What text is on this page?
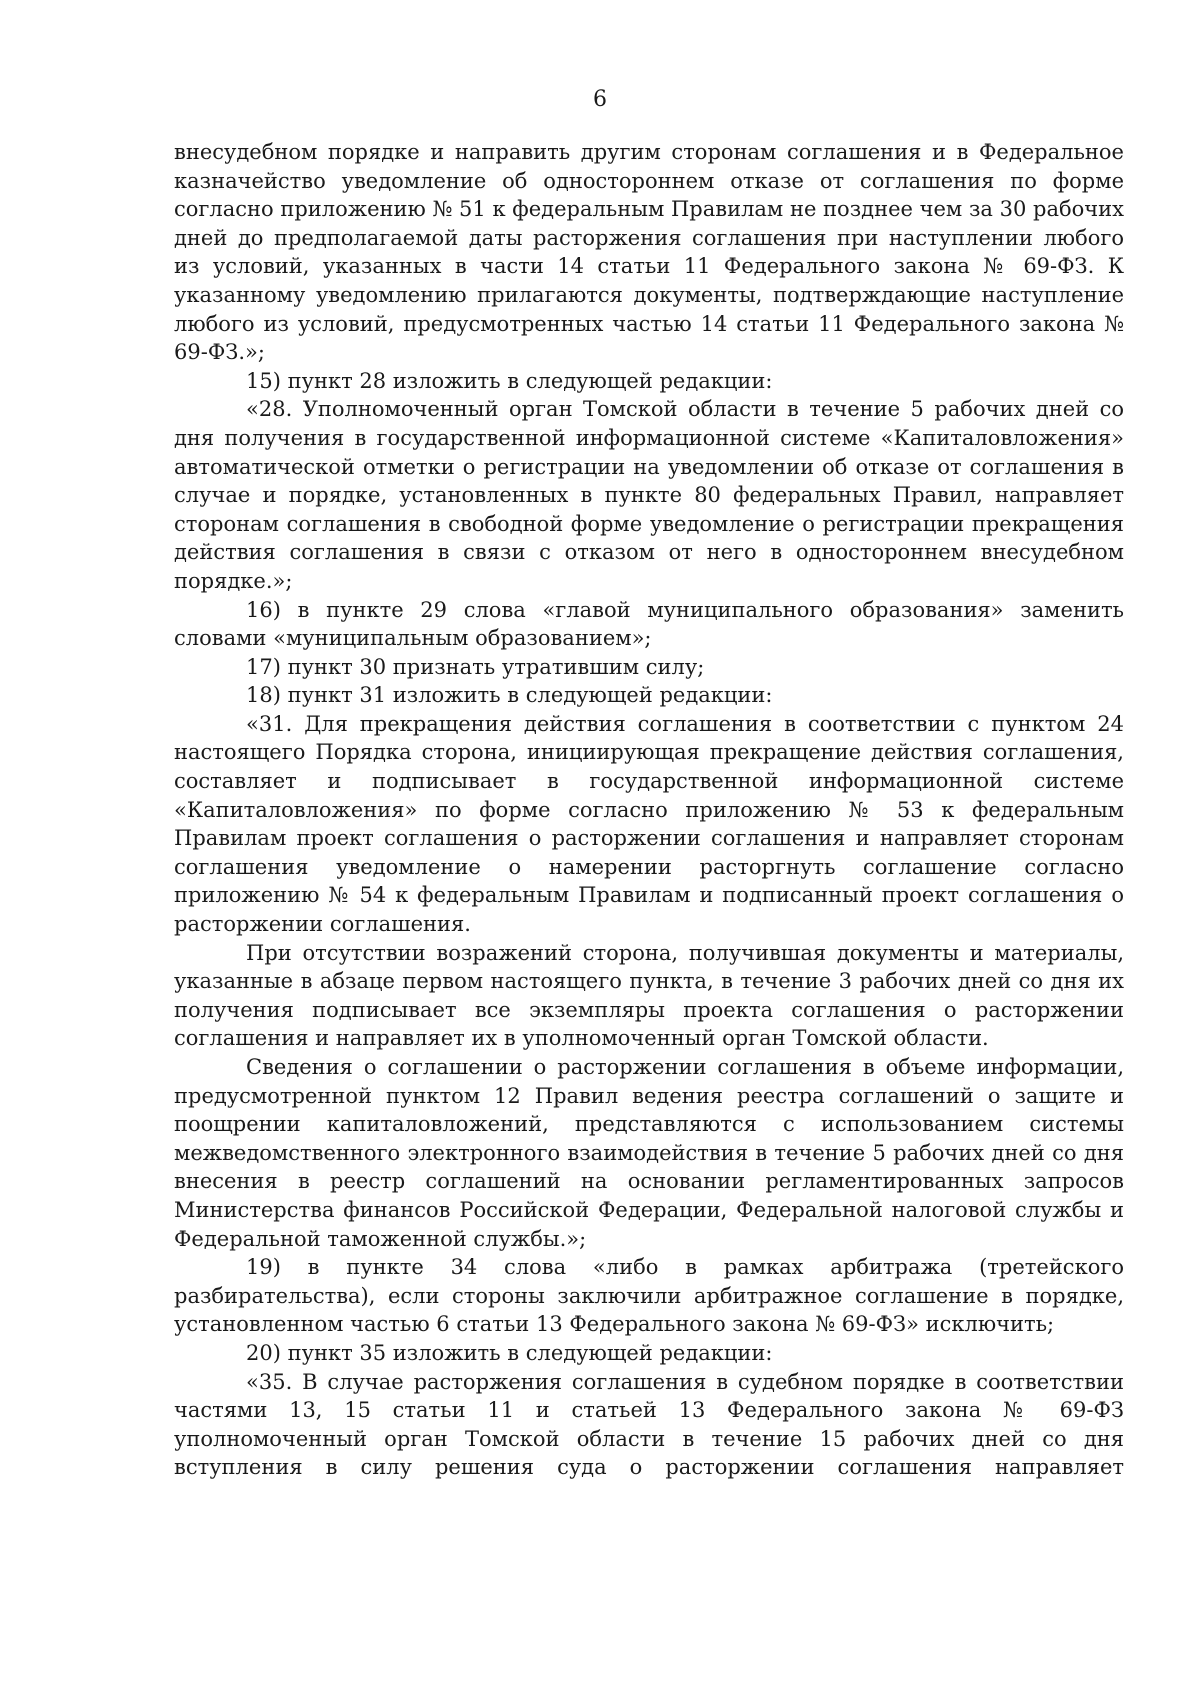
6

внесудебном порядке и направить другим сторонам соглашения и в Федеральное казначейство уведомление об одностороннем отказе от соглашения по форме согласно приложению № 51 к федеральным Правилам не позднее чем за 30 рабочих дней до предполагаемой даты расторжения соглашения при наступлении любого из условий, указанных в части 14 статьи 11 Федерального закона № 69-ФЗ. К указанному уведомлению прилагаются документы, подтверждающие наступление любого из условий, предусмотренных частью 14 статьи 11 Федерального закона № 69-ФЗ.»;

15) пункт 28 изложить в следующей редакции:

«28. Уполномоченный орган Томской области в течение 5 рабочих дней со дня получения в государственной информационной системе «Капиталовложения» автоматической отметки о регистрации на уведомлении об отказе от соглашения в случае и порядке, установленных в пункте 80 федеральных Правил, направляет сторонам соглашения в свободной форме уведомление о регистрации прекращения действия соглашения в связи с отказом от него в одностороннем внесудебном порядке.»;

16) в пункте 29 слова «главой муниципального образования» заменить словами «муниципальным образованием»;

17) пункт 30 признать утратившим силу;

18) пункт 31 изложить в следующей редакции:

«31. Для прекращения действия соглашения в соответствии с пунктом 24 настоящего Порядка сторона, инициирующая прекращение действия соглашения, составляет и подписывает в государственной информационной системе «Капиталовложения» по форме согласно приложению № 53 к федеральным Правилам проект соглашения о расторжении соглашения и направляет сторонам соглашения уведомление о намерении расторгнуть соглашение согласно приложению № 54 к федеральным Правилам и подписанный проект соглашения о расторжении соглашения.

При отсутствии возражений сторона, получившая документы и материалы, указанные в абзаце первом настоящего пункта, в течение 3 рабочих дней со дня их получения подписывает все экземпляры проекта соглашения о расторжении соглашения и направляет их в уполномоченный орган Томской области.

Сведения о соглашении о расторжении соглашения в объеме информации, предусмотренной пунктом 12 Правил ведения реестра соглашений о защите и поощрении капиталовложений, представляются с использованием системы межведомственного электронного взаимодействия в течение 5 рабочих дней со дня внесения в реестр соглашений на основании регламентированных запросов Министерства финансов Российской Федерации, Федеральной налоговой службы и Федеральной таможенной службы.»;

19) в пункте 34 слова «либо в рамках арбитража (третейского разбирательства), если стороны заключили арбитражное соглашение в порядке, установленном частью 6 статьи 13 Федерального закона № 69-ФЗ» исключить;

20) пункт 35 изложить в следующей редакции:

«35. В случае расторжения соглашения в судебном порядке в соответствии частями 13, 15 статьи 11 и статьей 13 Федерального закона № 69-ФЗ уполномоченный орган Томской области в течение 15 рабочих дней со дня вступления в силу решения суда о расторжении соглашения направляет
